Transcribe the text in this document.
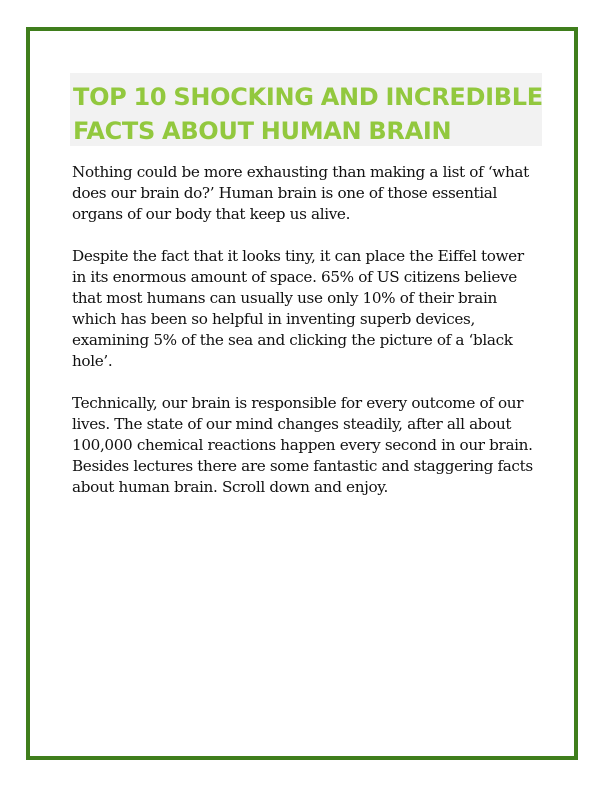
TOP 10 SHOCKING AND INCREDIBLE FACTS ABOUT HUMAN BRAIN

Nothing could be more exhausting than making a list of ‘what does our brain do?’ Human brain is one of those essential organs of our body that keep us alive.

Despite the fact that it looks tiny, it can place the Eiffel tower in its enormous amount of space. 65% of US citizens believe that most humans can usually use only 10% of their brain which has been so helpful in inventing superb devices, examining 5% of the sea and clicking the picture of a ‘black hole’.

Technically, our brain is responsible for every outcome of our lives. The state of our mind changes steadily, after all about 100,000 chemical reactions happen every second in our brain. Besides lectures there are some fantastic and staggering facts about human brain. Scroll down and enjoy.
